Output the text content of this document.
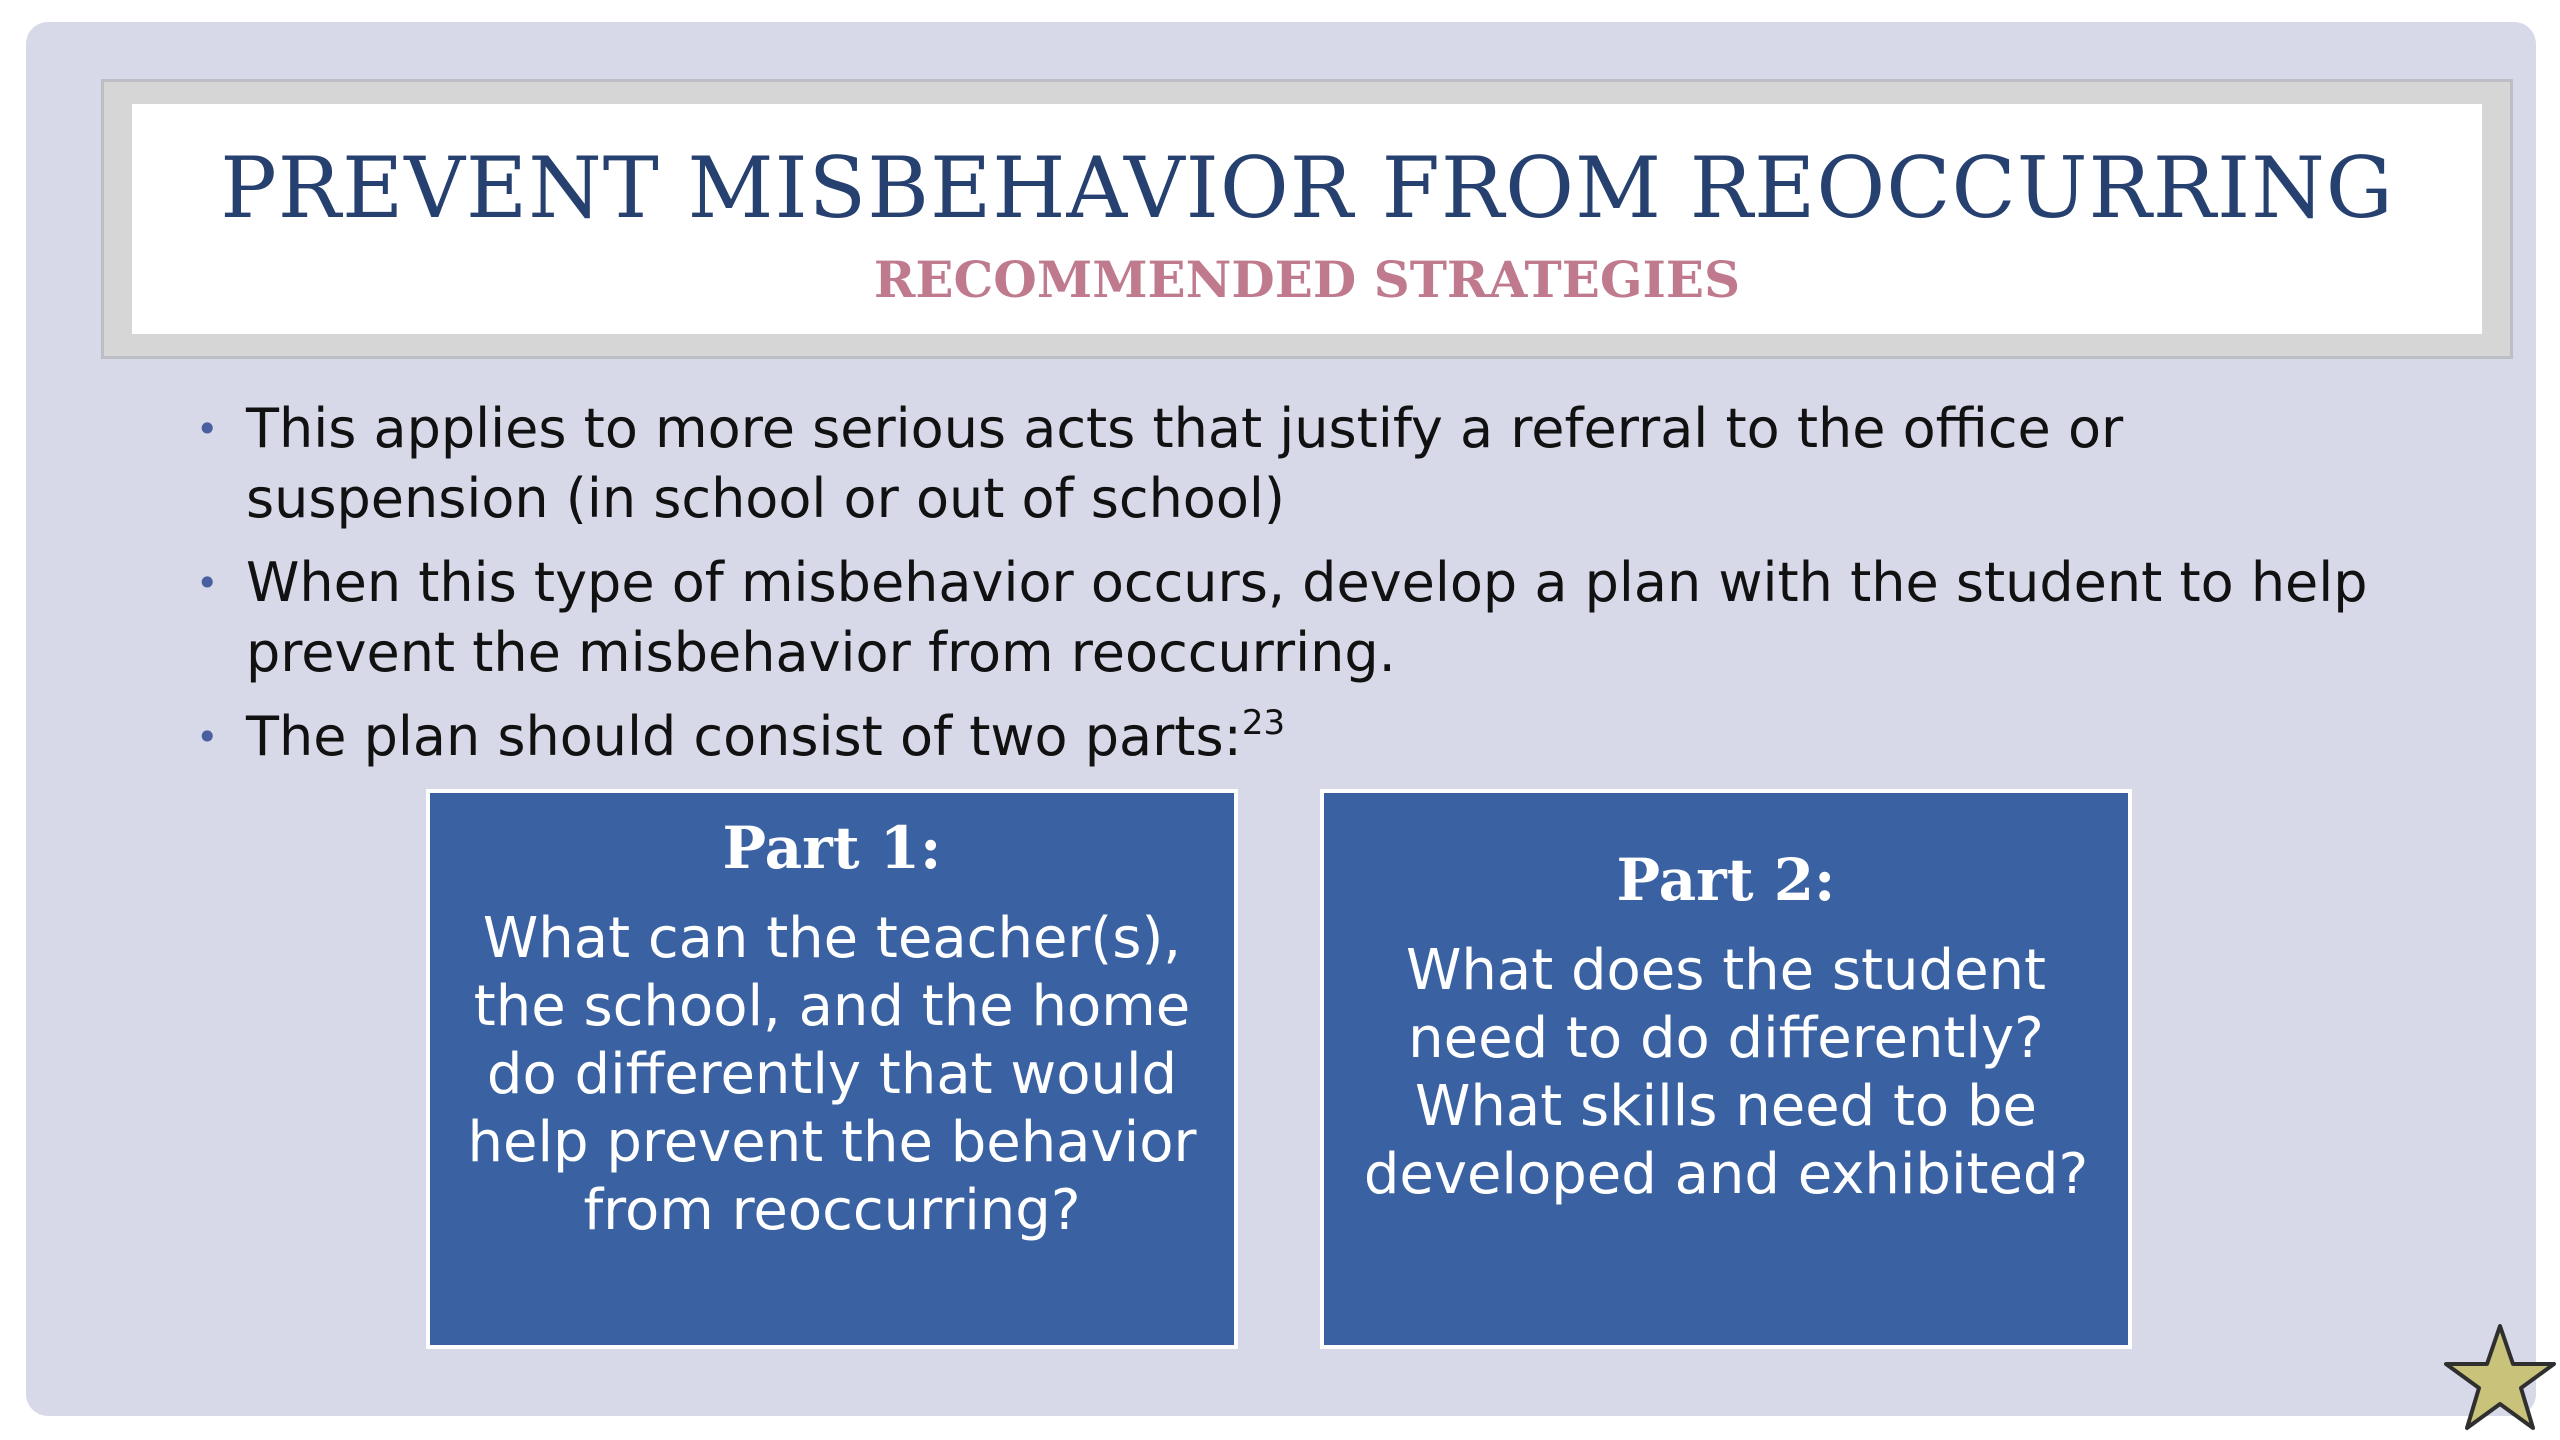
PREVENT MISBEHAVIOR FROM REOCCURRING
RECOMMENDED STRATEGIES
• This applies to more serious acts that justify a referral to the office or suspension (in school or out of school)
• When this type of misbehavior occurs, develop a plan with the student to help prevent the misbehavior from reoccurring.
• The plan should consist of two parts:$^{23}$
Part 1:
What can the teacher(s), the school, and the home do differently that would help prevent the behavior from reoccurring?
Part 2:
What does the student need to do differently? What skills need to be developed and exhibited?
